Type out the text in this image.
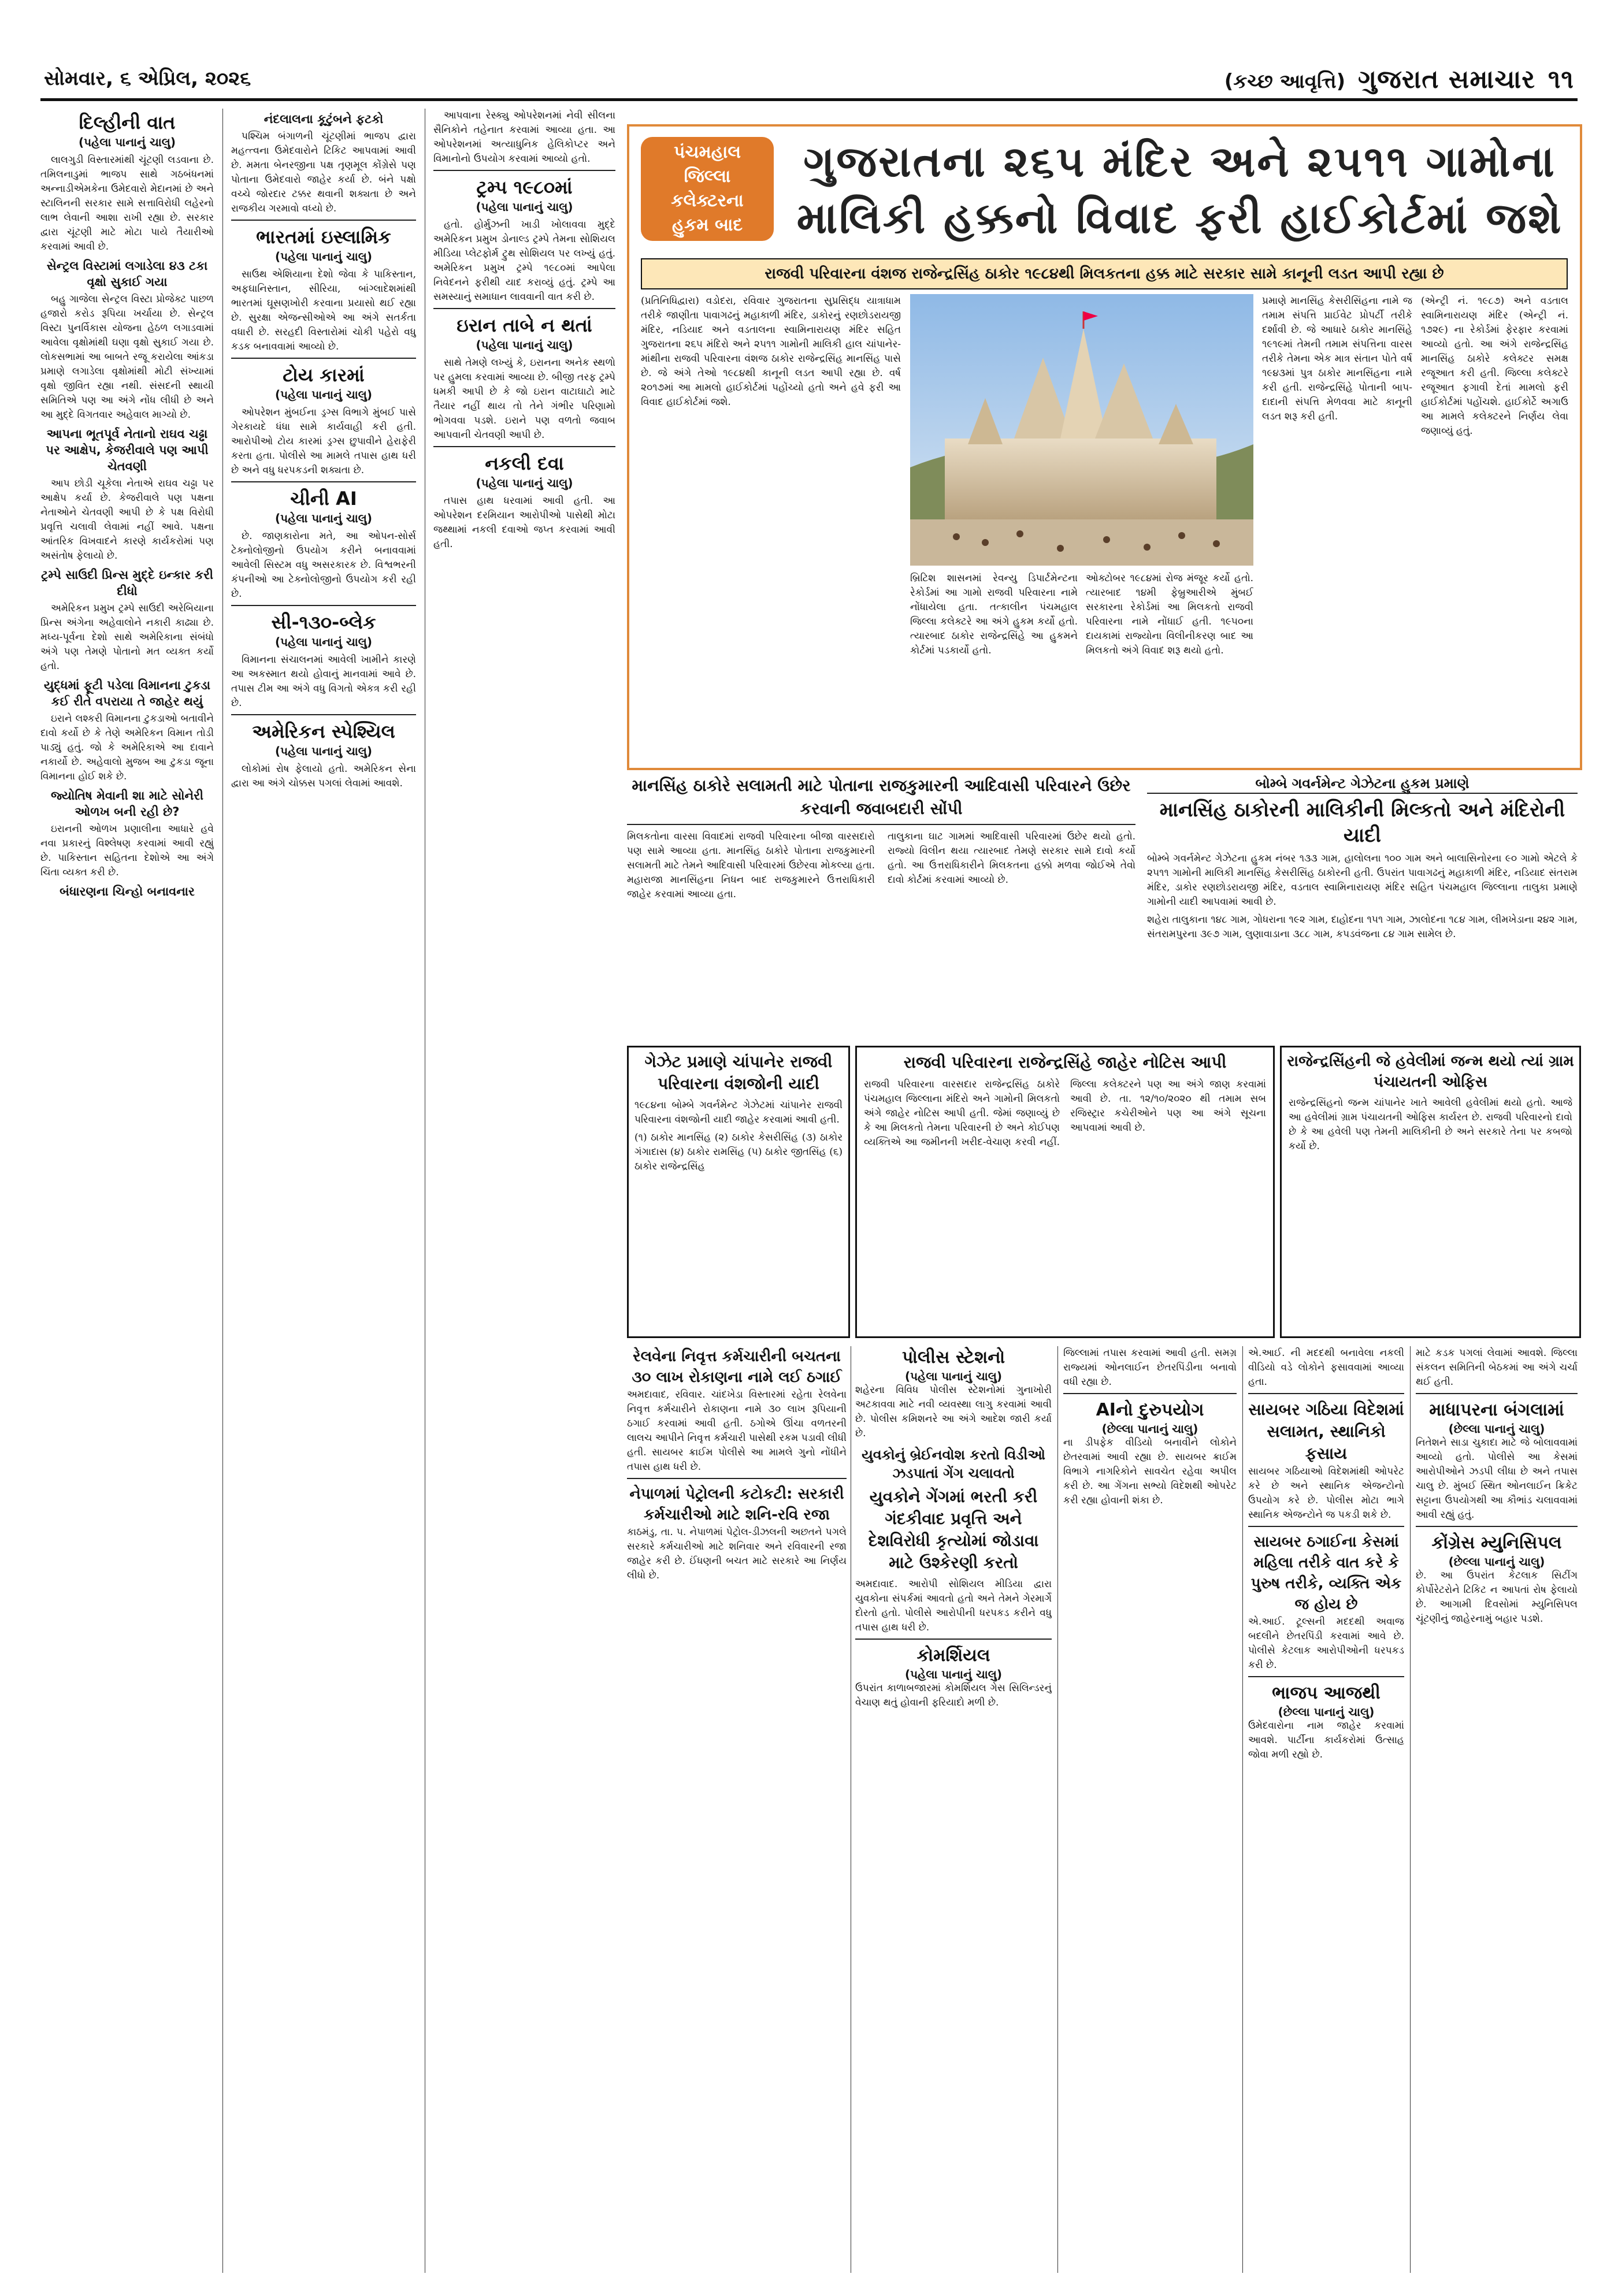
સોમવાર, ૬ એપ્રિલ, ૨૦૨૬	(કચ્છ આવૃત્તિ) ગુજરાત સમાચાર ૧૧
દિલ્હીની વાત
(પહેલા પાનાનું ચાલુ)

લાલગુડી વિસ્તારમાંથી ચૂંટણી લડવાના છે. તમિલનાડુમાં ભાજપ સાથે ગઠબંધનમાં અન્નાડીએમકેના ઉમેદવારો મેદાનમાં છે અને સ્ટાલિનની સરકાર સામે સત્તાવિરોધી લહેરનો લાભ લેવાની આશા રાખી રહ્યા છે. સરકાર દ્વારા ચૂંટણી માટે મોટા પાયે તૈયારીઓ કરવામાં આવી છે.

સેન્ટ્રલ વિસ્ટામાં લગાડેલા ૪૩ ટકા વૃક્ષો સુકાઈ ગયા

બહુ ગાજેલા સેન્ટ્રલ વિસ્ટા પ્રોજેક્ટ પાછળ હજારો કરોડ રૂપિયા ખર્ચાયા છે. સેન્ટ્રલ વિસ્ટા પુનર્વિકાસ યોજના હેઠળ લગાડવામાં આવેલા વૃક્ષોમાંથી ઘણા વૃક્ષો સુકાઈ ગયા છે. લોકસભામાં આ બાબતે રજૂ કરાયેલા આંકડા પ્રમાણે લગાડેલા વૃક્ષોમાંથી મોટી સંખ્યામાં વૃક્ષો જીવિત રહ્યા નથી. સંસદની સ્થાયી સમિતિએ પણ આ અંગે નોંધ લીધી છે અને આ મુદ્દે વિગતવાર અહેવાલ માગ્યો છે.

આપના ભૂતપૂર્વ નેતાનો રાઘવ ચઢ્ઢા પર આક્ષેપ, કેજરીવાલે પણ આપી ચેતવણી

આપ છોડી ચૂકેલા નેતાએ રાઘવ ચઢ્ઢા પર આક્ષેપ કર્યા છે. કેજરીવાલે પણ પક્ષના નેતાઓને ચેતવણી આપી છે કે પક્ષ વિરોધી પ્રવૃત્તિ ચલાવી લેવામાં નહીં આવે. પક્ષના આંતરિક વિખવાદને કારણે કાર્યકરોમાં પણ અસંતોષ ફેલાયો છે.

ટ્રમ્પે સાઉદી પ્રિન્સ મુદ્દે ઇન્કાર કરી દીધો

અમેરિકન પ્રમુખ ટ્રમ્પે સાઉદી અરેબિયાના પ્રિન્સ અંગેના અહેવાલોને નકારી કાઢ્યા છે. મધ્ય-પૂર્વના દેશો સાથે અમેરિકાના સંબંધો અંગે પણ તેમણે પોતાનો મત વ્યક્ત કર્યો હતો.

યુદ્ધમાં ફૂટી પડેલા વિમાનના ટુકડા કઈ રીતે વપરાયા તે જાહેર થયું

ઇરાને લશ્કરી વિમાનના ટુકડાઓ બતાવીને દાવો કર્યો છે કે તેણે અમેરિકન વિમાન તોડી પાડ્યું હતું. જો કે અમેરિકાએ આ દાવાને નકાર્યો છે. અહેવાલો મુજબ આ ટુકડા જૂના વિમાનના હોઈ શકે છે.

જ્યોતિષ મેવાની શા માટે સોનેરી ઓળખ બની રહી છે?

ઇરાનની ઓળખ પ્રણાલીના આધારે હવે નવા પ્રકારનું વિશ્લેષણ કરવામાં આવી રહ્યું છે. પાકિસ્તાન સહિતના દેશોએ આ અંગે ચિંતા વ્યક્ત કરી છે.

બંધારણના ચિન્હો બનાવનાર
નંદલાલના કૂટુંબને ફટકો

પશ્ચિમ બંગાળની ચૂંટણીમાં ભાજપ દ્વારા મહત્ત્વના ઉમેદવારોને ટિકિટ આપવામાં આવી છે. મમતા બેનરજીના પક્ષ તૃણમૂલ કોંગ્રેસે પણ પોતાના ઉમેદવારો જાહેર કર્યા છે. બંને પક્ષો વચ્ચે જોરદાર ટક્કર થવાની શક્યતા છે અને રાજકીય ગરમાવો વધ્યો છે.

ભારતમાં ઇસ્લામિક
(પહેલા પાનાનું ચાલુ)

સાઉથ એશિયાના દેશો જેવા કે પાકિસ્તાન, અફઘાનિસ્તાન, સીરિયા, બાંગ્લાદેશમાંથી ભારતમાં ઘૂસણખોરી કરવાના પ્રયાસો થઈ રહ્યા છે. સુરક્ષા એજન્સીઓએ આ અંગે સતર્કતા વધારી છે. સરહદી વિસ્તારોમાં ચોકી પહેરો વધુ કડક બનાવવામાં આવ્યો છે.

ટોય કારમાં
(પહેલા પાનાનું ચાલુ)

ઓપરેશન મુંબઈના ડ્રગ્સ વિભાગે મુંબઈ પાસે ગેરકાયદે ધંધા સામે કાર્યવાહી કરી હતી. આરોપીઓ ટોય કારમાં ડ્રગ્સ છુપાવીને હેરાફેરી કરતા હતા. પોલીસે આ મામલે તપાસ હાથ ધરી છે અને વધુ ધરપકડની શક્યતા છે.

ચીની AI
(પહેલા પાનાનું ચાલુ)

છે. જાણકારોના મતે, આ ઓપન-સોર્સ ટેક્નોલોજીનો ઉપયોગ કરીને બનાવવામાં આવેલી સિસ્ટમ વધુ અસરકારક છે. વિશ્વભરની કંપનીઓ આ ટેક્નોલોજીનો ઉપયોગ કરી રહી છે.

સી-૧૩૦-બ્લેક
(પહેલા પાનાનું ચાલુ)

વિમાનના સંચાલનમાં આવેલી ખામીને કારણે આ અકસ્માત થયો હોવાનું માનવામાં આવે છે. તપાસ ટીમ આ અંગે વધુ વિગતો એકત્ર કરી રહી છે.

અમેરિકન સ્પેશ્યિલ
(પહેલા પાનાનું ચાલુ)

લોકોમાં રોષ ફેલાયો હતો. અમેરિકન સેના દ્વારા આ અંગે ચોક્કસ પગલાં લેવામાં આવશે.

આપવાના રેસ્ક્યુ ઓપરેશનમાં નેવી સીલના સૈનિકોને તહેનાત કરવામાં આવ્યા હતા. આ ઓપરેશનમાં અત્યાધુનિક હેલિકોપ્ટર અને વિમાનોનો ઉપયોગ કરવામાં આવ્યો હતો.

ટ્રમ્પ ૧૯૮૦માં
(પહેલા પાનાનું ચાલુ)

હતો. હોર્મુઝની ખાડી ખોલાવવા મુદ્દે અમેરિકન પ્રમુખ ડોનાલ્ડ ટ્રમ્પે તેમના સોશિયલ મીડિયા પ્લેટફોર્મ ટ્રુથ સોશિયલ પર લખ્યું હતું. અમેરિકન પ્રમુખ ટ્રમ્પે ૧૯૮૦માં આપેલા નિવેદનને ફરીથી યાદ કરાવ્યું હતું. ટ્રમ્પે આ સમસ્યાનું સમાધાન લાવવાની વાત કરી છે.

ઇરાન તાબે ન થતાં
(પહેલા પાનાનું ચાલુ)

સાથે તેમણે લખ્યું કે, ઇરાનના અનેક સ્થળો પર હુમલા કરવામાં આવ્યા છે. બીજી તરફ ટ્રમ્પે ધમકી આપી છે કે જો ઇરાન વાટાઘાટો માટે તૈયાર નહીં થાય તો તેને ગંભીર પરિણામો ભોગવવા પડશે. ઇરાને પણ વળતો જવાબ આપવાની ચેતવણી આપી છે.

નકલી દવા
(પહેલા પાનાનું ચાલુ)

તપાસ હાથ ધરવામાં આવી હતી. આ ઓપરેશન દરમિયાન આરોપીઓ પાસેથી મોટા જથ્થામાં નકલી દવાઓ જપ્ત કરવામાં આવી હતી.

પંચમહાલ
જિલ્લા
કલેક્ટરના
હુકમ બાદ
ગુજરાતના ૨૬૫ મંદિર અને ૨૫૧૧ ગામોના
માલિકી હક્કનો વિવાદ ફરી હાઈકોર્ટમાં જશે
રાજવી પરિવારના વંશજ રાજેન્દ્રસિંહ ઠાકોર ૧૯૮૪થી મિલકતના હક્ક માટે સરકાર સામે કાનૂની લડત આપી રહ્યા છે

(પ્રતિનિધિદ્વારા) વડોદરા, રવિવાર ગુજરાતના સુપ્રસિદ્ધ યાત્રાધામ તરીકે જાણીતા પાવાગઢનું મહાકાળી મંદિર, ડાકોરનું રણછોડરાયજી મંદિર, નડિયાદ અને વડતાલના સ્વામિનારાયણ મંદિર સહિત ગુજરાતના ૨૬૫ મંદિરો અને ૨૫૧૧ ગામોની માલિકી હાલ ચાંપાનેર-માંથીના રાજવી પરિવારના વંશજ ઠાકોર રાજેન્દ્રસિંહ માનસિંહ પાસે છે. જે અંગે તેઓ ૧૯૮૪થી કાનૂની લડત આપી રહ્યા છે. વર્ષ ૨૦૧૭માં આ મામલો હાઈકોર્ટમાં પહોંચ્યો હતો અને હવે ફરી આ વિવાદ હાઈકોર્ટમાં જશે.

બ્રિટિશ શાસનમાં રેવન્યુ ડિપાર્ટમેન્ટના રેકોર્ડમાં આ ગામો રાજવી પરિવારના નામે નોંધાયેલા હતા. તત્કાલીન પંચમહાલ જિલ્લા કલેક્ટરે આ અંગે હુકમ કર્યો હતો. ત્યારબાદ ઠાકોર રાજેન્દ્રસિંહે આ હુકમને કોર્ટમાં પડકાર્યો હતો.

ઓક્ટોબર ૧૯૮૪માં રોજ મંજૂર કર્યો હતો. ત્યારબાદ ૧૪મી ફેબ્રુઆરીએ મુંબઈ સરકારના રેકોર્ડમાં આ મિલકતો રાજવી પરિવારના નામે નોંધાઈ હતી. ૧૯૫૦ના દાયકામાં રાજ્યોના વિલીનીકરણ બાદ આ મિલકતો અંગે વિવાદ શરૂ થયો હતો.

પ્રમાણે માનસિંહ કેસરીસિંહના નામે જ તમામ સંપત્તિ પ્રાઈવેટ પ્રોપર્ટી તરીકે દર્શાવી છે. જે આધારે ઠાકોર માનસિંહે ૧૯૧૯માં તેમની તમામ સંપત્તિના વારસ તરીકે તેમના એક માત્ર સંતાન પોતે વર્ષ ૧૯૪૩માં પુત્ર ઠાકોર માનસિંહના નામે કરી હતી. રાજેન્દ્રસિંહે પોતાની બાપ-દાદાની સંપત્તિ મેળવવા માટે કાનૂની લડત શરૂ કરી હતી.

(એન્ટ્રી નં. ૧૯૮૭) અને વડતાલ સ્વામિનારાયણ મંદિર (એન્ટ્રી નં. ૧૭૨૯) ના રેકોર્ડમાં ફેરફાર કરવામાં આવ્યો હતો. આ અંગે રાજેન્દ્રસિંહ માનસિંહ ઠાકોરે કલેક્ટર સમક્ષ રજૂઆત કરી હતી. જિલ્લા કલેક્ટરે રજૂઆત ફગાવી દેતાં મામલો ફરી હાઈકોર્ટમાં પહોંચશે. હાઈકોર્ટે અગાઉ આ મામલે કલેક્ટરને નિર્ણય લેવા જણાવ્યું હતું.

માનસિંહ ઠાકોરે સલામતી માટે પોતાના રાજકુમારની આદિવાસી પરિવારને ઉછેર કરવાની જવાબદારી સોંપી

મિલકતોના વારસા વિવાદમાં રાજવી પરિવારના બીજા વારસદારો પણ સામે આવ્યા હતા. માનસિંહ ઠાકોરે પોતાના રાજકુમારની સલામતી માટે તેમને આદિવાસી પરિવારમાં ઉછેરવા મોકલ્યા હતા. મહારાજા માનસિંહના નિધન બાદ રાજકુમારને ઉત્તરાધિકારી જાહેર કરવામાં આવ્યા હતા.

તાલુકાના ઘાટ ગામમાં આદિવાસી પરિવારમાં ઉછેર થયો હતો. રાજ્યો વિલીન થયા ત્યારબાદ તેમણે સરકાર સામે દાવો કર્યો હતો. આ ઉત્તરાધિકારીને મિલકતના હક્કો મળવા જોઈએ તેવો દાવો કોર્ટમાં કરવામાં આવ્યો છે.

બોમ્બે ગવર્નમેન્ટ ગેઝેટના હુકમ પ્રમાણે
માનસિંહ ઠાકોરની માલિકીની મિલ્કતો અને મંદિરોની યાદી

બોમ્બે ગવર્નમેન્ટ ગેઝેટના હુકમ નંબર ૧૩૩ ગામ, હાલોલના ૧૦૦ ગામ અને બાલાસિનોરના ૯૦ ગામો એટલે કે ૨૫૧૧ ગામોની માલિકી માનસિંહ કેસરીસિંહ ઠાકોરની હતી. ઉપરાંત પાવાગઢનું મહાકાળી મંદિર, નડિયાદ સંતરામ મંદિર, ડાકોર રણછોડરાયજી મંદિર, વડતાલ સ્વામિનારાયણ મંદિર સહિત પંચમહાલ જિલ્લાના તાલુકા પ્રમાણે ગામોની યાદી આપવામાં આવી છે.

શહેરા તાલુકાના ૧૪૮ ગામ, ગોધરાના ૧૯૨ ગામ, દાહોદના ૧૫૧ ગામ, ઝાલોદના ૧૮૪ ગામ, લીમખેડાના ૨૪૨ ગામ, સંતરામપુરના ૩૯૭ ગામ, લુણાવાડાના ૩૮૮ ગામ, કપડવંજના ૮૪ ગામ સામેલ છે.

ગેઝેટ પ્રમાણે ચાંપાનેર રાજવી પરિવારના વંશજોની યાદી

૧૯૮૪ના બોમ્બે ગવર્નમેન્ટ ગેઝેટમાં ચાંપાનેર રાજવી પરિવારના વંશજોની યાદી જાહેર કરવામાં આવી હતી.

(૧) ઠાકોર માનસિંહ (૨) ઠાકોર કેસરીસિંહ (૩) ઠાકોર ગંગાદાસ (૪) ઠાકોર રામસિંહ (૫) ઠાકોર જીતસિંહ (૬) ઠાકોર રાજેન્દ્રસિંહ

રાજવી પરિવારના રાજેન્દ્રસિંહે જાહેર નોટિસ આપી

રાજવી પરિવારના વારસદાર રાજેન્દ્રસિંહ ઠાકોરે પંચમહાલ જિલ્લાના મંદિરો અને ગામોની મિલકતો અંગે જાહેર નોટિસ આપી હતી. જેમાં જણાવ્યું છે કે આ મિલકતો તેમના પરિવારની છે અને કોઈપણ વ્યક્તિએ આ જમીનની ખરીદ-વેચાણ કરવી નહીં. જિલ્લા કલેક્ટરને પણ આ અંગે જાણ કરવામાં આવી છે. તા. ૧૨/૧૦/૨૦૨૦ થી તમામ સબ રજિસ્ટ્રાર કચેરીઓને પણ આ અંગે સૂચના આપવામાં આવી છે.

રાજેન્દ્રસિંહની જે હવેલીમાં જન્મ થયો ત્યાં ગ્રામ પંચાયતની ઓફિસ

રાજેન્દ્રસિંહનો જન્મ ચાંપાનેર ખાતે આવેલી હવેલીમાં થયો હતો. આજે આ હવેલીમાં ગ્રામ પંચાયતની ઓફિસ કાર્યરત છે. રાજવી પરિવારનો દાવો છે કે આ હવેલી પણ તેમની માલિકીની છે અને સરકારે તેના પર કબજો કર્યો છે.

રેલવેના નિવૃત્ત કર્મચારીની બચતના ૩૦ લાખ રોકાણના નામે લઈ ઠગાઈ
અમદાવાદ, રવિવાર. ચાંદખેડા વિસ્તારમાં રહેતા રેલવેના નિવૃત્ત કર્મચારીને રોકાણના નામે ૩૦ લાખ રૂપિયાની ઠગાઈ કરવામાં આવી હતી. ઠગોએ ઊંચા વળતરની લાલચ આપીને નિવૃત્ત કર્મચારી પાસેથી રકમ પડાવી લીધી હતી. સાયબર ક્રાઈમ પોલીસે આ મામલે ગુનો નોંધીને તપાસ હાથ ધરી છે.
નેપાળમાં પેટ્રોલની કટોકટી: સરકારી કર્મચારીઓ માટે શનિ-રવિ રજા
કાઠમંડુ, તા. ૫. નેપાળમાં પેટ્રોલ-ડીઝલની અછતને પગલે સરકારે કર્મચારીઓ માટે શનિવાર અને રવિવારની રજા જાહેર કરી છે. ઈંધણની બચત માટે સરકારે આ નિર્ણય લીધો છે.
પોલીસ સ્ટેશનો
(પહેલા પાનાનું ચાલુ)
શહેરના વિવિધ પોલીસ સ્ટેશનોમાં ગુનાખોરી અટકાવવા માટે નવી વ્યવસ્થા લાગુ કરવામાં આવી છે. પોલીસ કમિશનરે આ અંગે આદેશ જારી કર્યા છે.
યુવકોનું બ્રેઈનવોશ કરતો વિડીઓ ઝડપાતાં ગેંગ ચલાવતો
યુવકોને ગેંગમાં ભરતી કરી ગંદકીવાદ પ્રવૃત્તિ અને દેશવિરોધી કૃત્યોમાં જોડાવા માટે ઉશ્કેરણી કરતો
અમદાવાદ. આરોપી સોશિયલ મીડિયા દ્વારા યુવકોના સંપર્કમાં આવતો હતો અને તેમને ગેરમાર્ગે દોરતો હતો. પોલીસે આરોપીની ધરપકડ કરીને વધુ તપાસ હાથ ધરી છે.
કોમર્શિયલ
(પહેલા પાનાનું ચાલુ)
ઉપરાંત કાળાબજારમાં કોમર્શિયલ ગેસ સિલિન્ડરનું વેચાણ થતું હોવાની ફરિયાદો મળી છે.
જિલ્લામાં તપાસ કરવામાં આવી હતી. સમગ્ર રાજ્યમાં ઓનલાઈન છેતરપિંડીના બનાવો વધી રહ્યા છે.
AIનો દુરુપયોગ
(છેલ્લા પાનાનું ચાલુ)
ના ડીપફેક વીડિયો બનાવીને લોકોને છેતરવામાં આવી રહ્યા છે. સાયબર ક્રાઈમ વિભાગે નાગરિકોને સાવચેત રહેવા અપીલ કરી છે. આ ગેંગના સભ્યો વિદેશથી ઓપરેટ કરી રહ્યા હોવાની શંકા છે.
એ.આઈ. ની મદદથી બનાવેલા નકલી વીડિયો વડે લોકોને ફસાવવામાં આવ્યા હતા.
સાયબર ગઠિયા વિદેશમાં સલામત, સ્થાનિકો ફસાય
સાયબર ગઠિયાઓ વિદેશમાંથી ઓપરેટ કરે છે અને સ્થાનિક એજન્ટોનો ઉપયોગ કરે છે. પોલીસ મોટા ભાગે સ્થાનિક એજન્ટોને જ પકડી શકે છે.
સાયબર ઠગાઈના કેસમાં મહિલા તરીકે વાત કરે કે પુરુષ તરીકે, વ્યક્તિ એક જ હોય છે
એ.આઈ. ટૂલ્સની મદદથી અવાજ બદલીને છેતરપિંડી કરવામાં આવે છે. પોલીસે કેટલાક આરોપીઓની ધરપકડ કરી છે.
ભાજપ આજથી
(છેલ્લા પાનાનું ચાલુ)
ઉમેદવારોના નામ જાહેર કરવામાં આવશે. પાર્ટીના કાર્યકરોમાં ઉત્સાહ જોવા મળી રહ્યો છે.
માટે કડક પગલાં લેવામાં આવશે. જિલ્લા સંકલન સમિતિની બેઠકમાં આ અંગે ચર્ચા થઈ હતી.
માધાપરના બંગલામાં
(છેલ્લા પાનાનું ચાલુ)
નિતેશને સાડા ચુકાદા માટે જે બોલાવવામાં આવ્યો હતો. પોલીસે આ કેસમાં આરોપીઓને ઝડપી લીધા છે અને તપાસ ચાલુ છે. મુંબઈ સ્થિત ઓનલાઈન ક્રિકેટ સટ્ટાના ઉપયોગથી આ કૌભાંડ ચલાવવામાં આવી રહ્યું હતું.
કોંગ્રેસ મ્યુનિસિપલ
(છેલ્લા પાનાનું ચાલુ)
છે. આ ઉપરાંત કેટલાક સિટીંગ કોર્પોરેટરોને ટિકિટ ન આપતાં રોષ ફેલાયો છે. આગામી દિવસોમાં મ્યુનિસિપલ ચૂંટણીનું જાહેરનામું બહાર પડશે.
